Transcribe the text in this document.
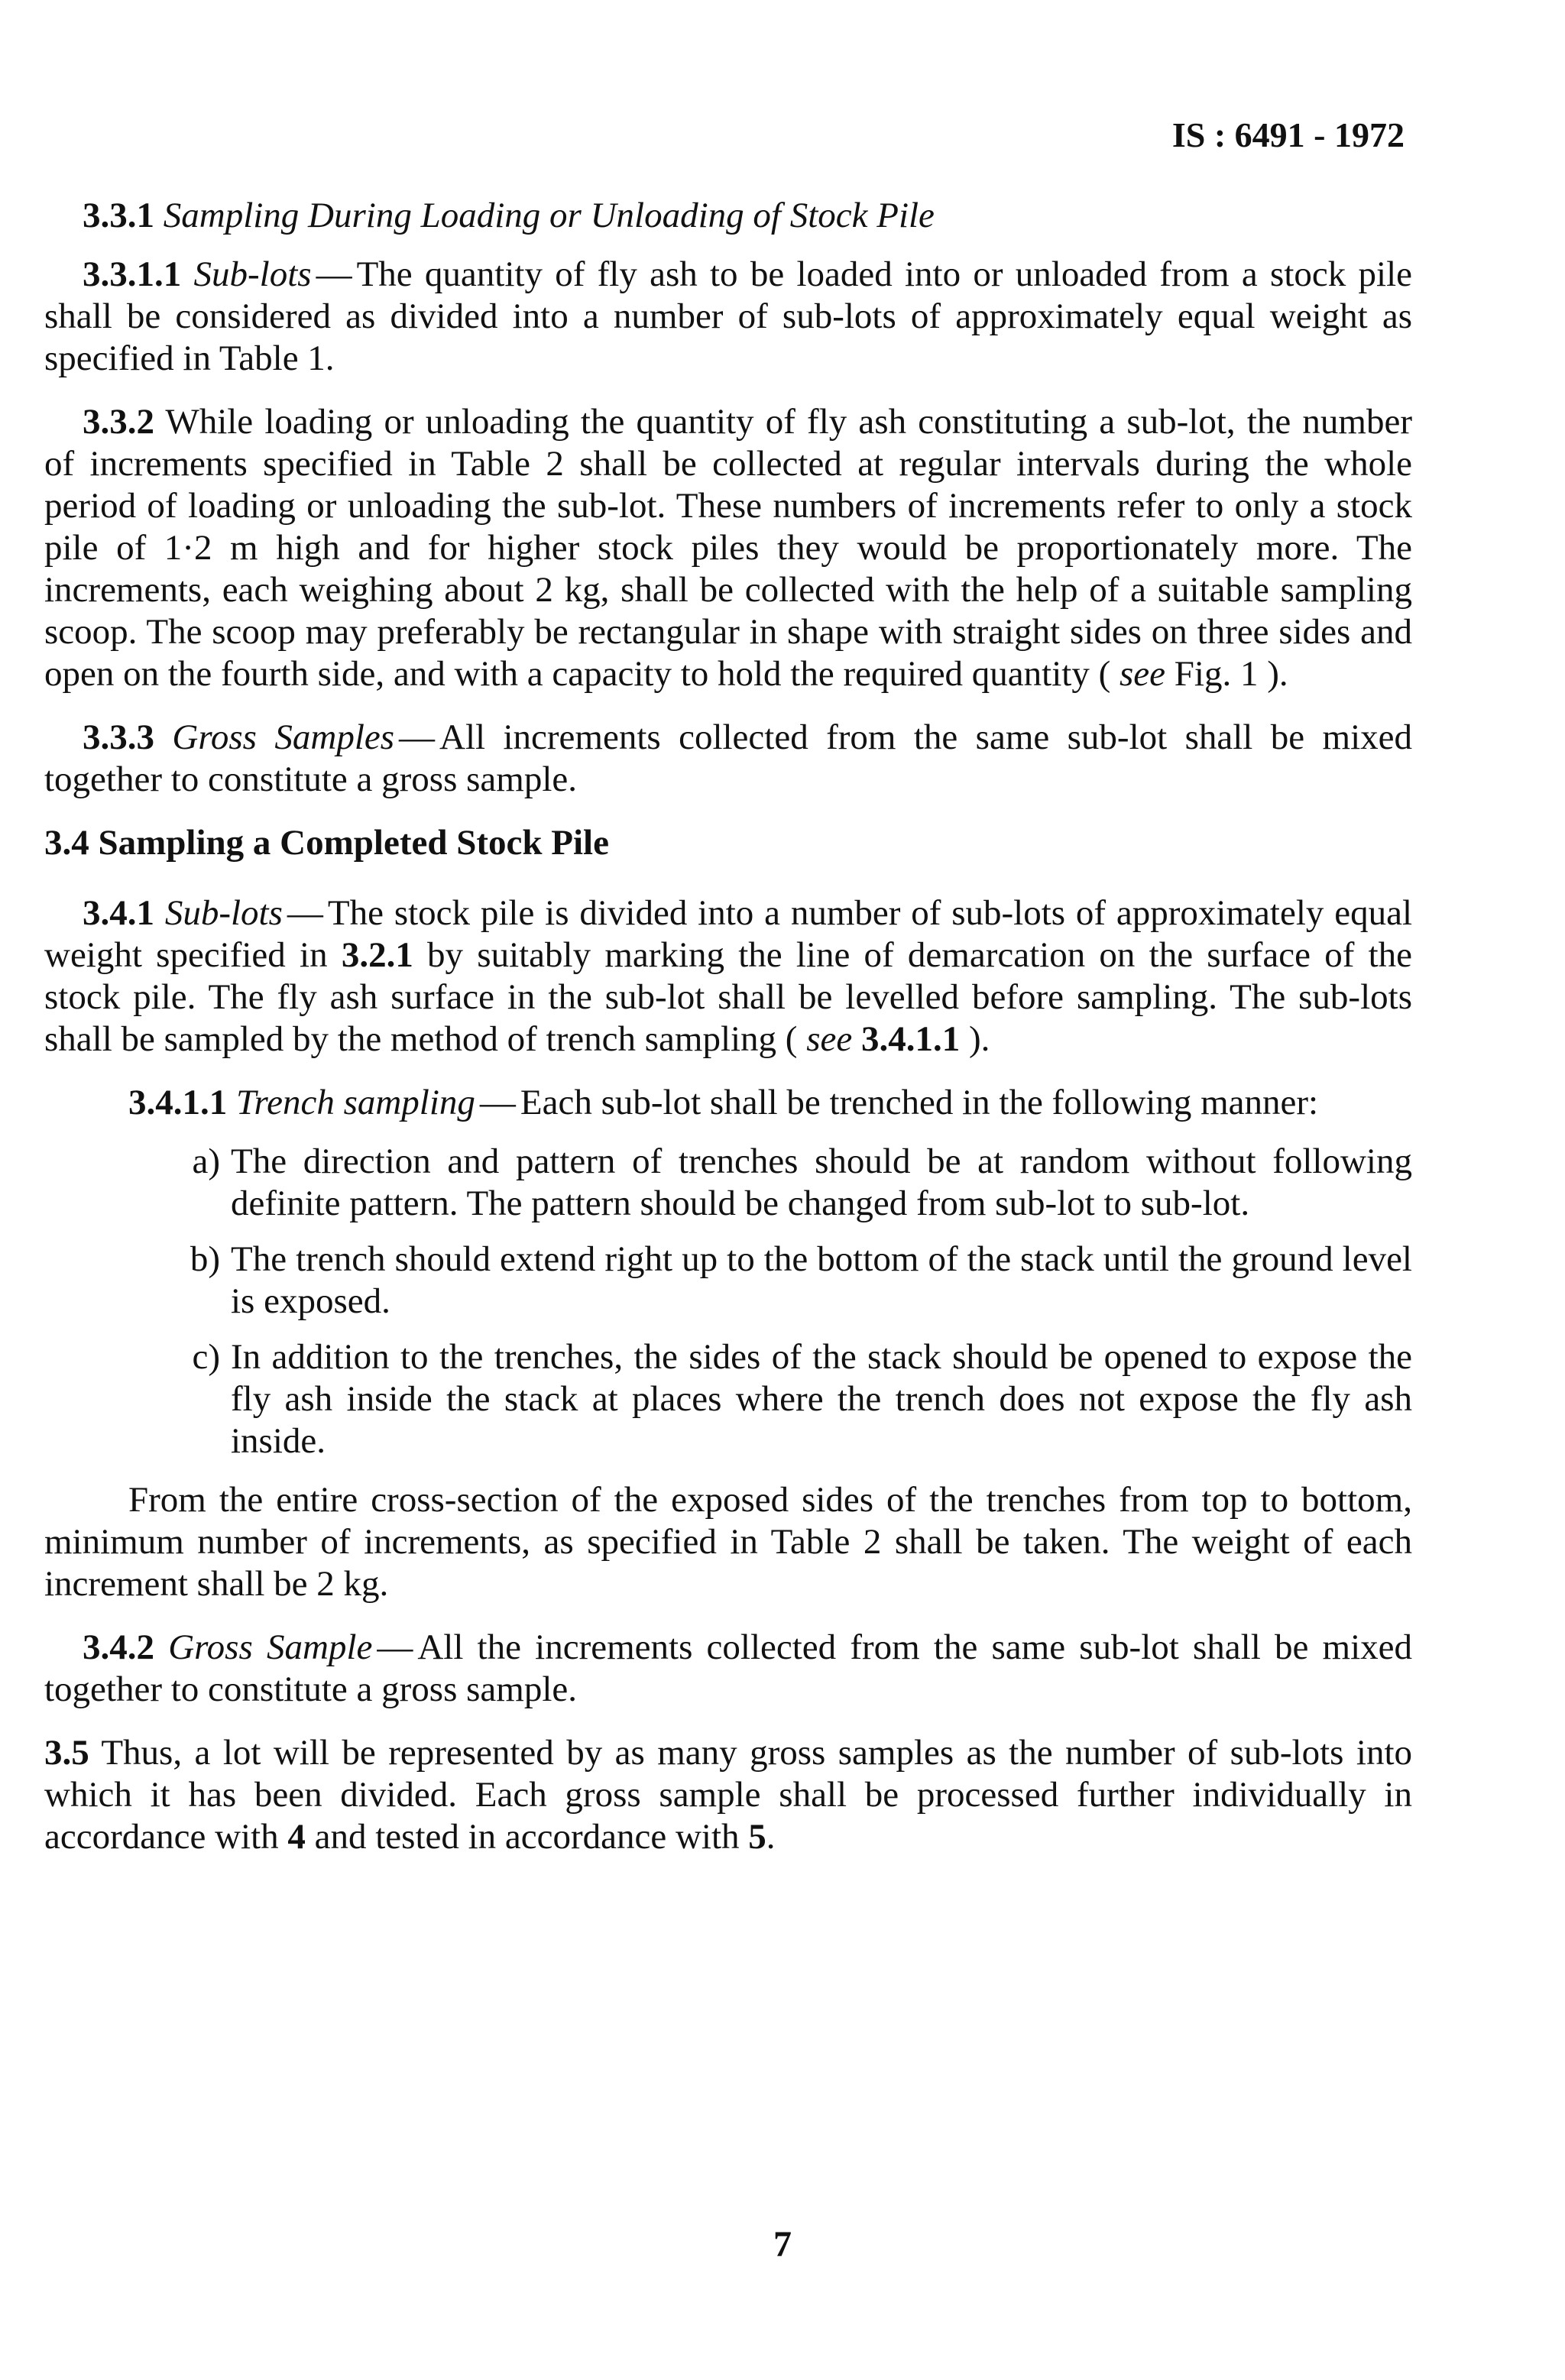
IS : 6491 - 1972

3.3.1 Sampling During Loading or Unloading of Stock Pile

3.3.1.1 Sub-lots — The quantity of fly ash to be loaded into or unloaded from a stock pile shall be considered as divided into a number of sub-lots of approximately equal weight as specified in Table 1.

3.3.2 While loading or unloading the quantity of fly ash constituting a sub-lot, the number of increments specified in Table 2 shall be collected at regular intervals during the whole period of loading or unloading the sub-lot. These numbers of increments refer to only a stock pile of 1·2 m high and for higher stock piles they would be proportionately more. The increments, each weighing about 2 kg, shall be collected with the help of a suitable sampling scoop. The scoop may preferably be rectangular in shape with straight sides on three sides and open on the fourth side, and with a capacity to hold the required quantity ( see Fig. 1 ).

3.3.3 Gross Samples — All increments collected from the same sub-lot shall be mixed together to constitute a gross sample.

3.4 Sampling a Completed Stock Pile

3.4.1 Sub-lots — The stock pile is divided into a number of sub-lots of approximately equal weight specified in 3.2.1 by suitably marking the line of demarcation on the surface of the stock pile. The fly ash surface in the sub-lot shall be levelled before sampling. The sub-lots shall be sampled by the method of trench sampling ( see 3.4.1.1 ).

3.4.1.1 Trench sampling — Each sub-lot shall be trenched in the following manner:

a) The direction and pattern of trenches should be at random without following definite pattern. The pattern should be changed from sub-lot to sub-lot.
b) The trench should extend right up to the bottom of the stack until the ground level is exposed.
c) In addition to the trenches, the sides of the stack should be opened to expose the fly ash inside the stack at places where the trench does not expose the fly ash inside.

From the entire cross-section of the exposed sides of the trenches from top to bottom, minimum number of increments, as specified in Table 2 shall be taken. The weight of each increment shall be 2 kg.

3.4.2 Gross Sample — All the increments collected from the same sub-lot shall be mixed together to constitute a gross sample.

3.5 Thus, a lot will be represented by as many gross samples as the number of sub-lots into which it has been divided. Each gross sample shall be processed further individually in accordance with 4 and tested in accordance with 5.

7
